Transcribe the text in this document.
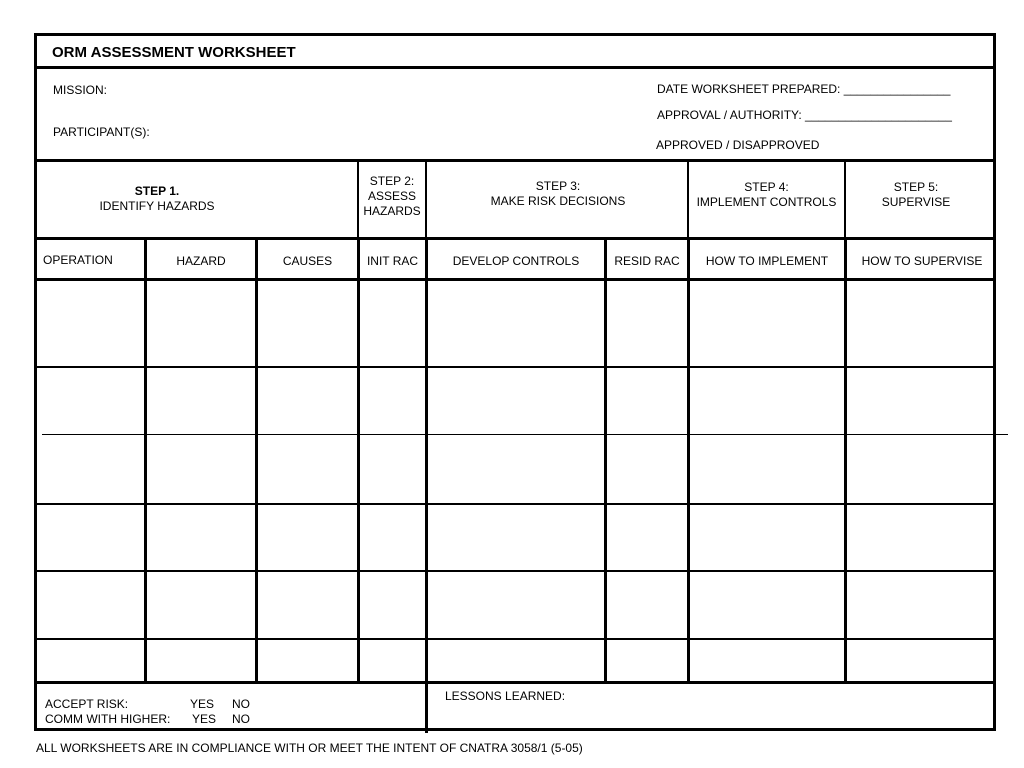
ORM ASSESSMENT WORKSHEET
MISSION:
PARTICIPANT(S):
DATE WORKSHEET PREPARED: ________________
APPROVAL / AUTHORITY: ______________________
APPROVED / DISAPPROVED
STEP 1.
IDENTIFY HAZARDS
STEP 2:
ASSESS
HAZARDS
STEP 3:
MAKE RISK DECISIONS
STEP 4:
IMPLEMENT CONTROLS
STEP 5:
SUPERVISE
OPERATION	HAZARD	CAUSES	INIT RAC	DEVELOP CONTROLS	RESID RAC	HOW TO IMPLEMENT	HOW TO SUPERVISE
ACCEPT RISK:	YES NO
COMM WITH HIGHER: YES NO
LESSONS LEARNED:
ALL WORKSHEETS ARE IN COMPLIANCE WITH OR MEET THE INTENT OF CNATRA 3058/1 (5-05)
